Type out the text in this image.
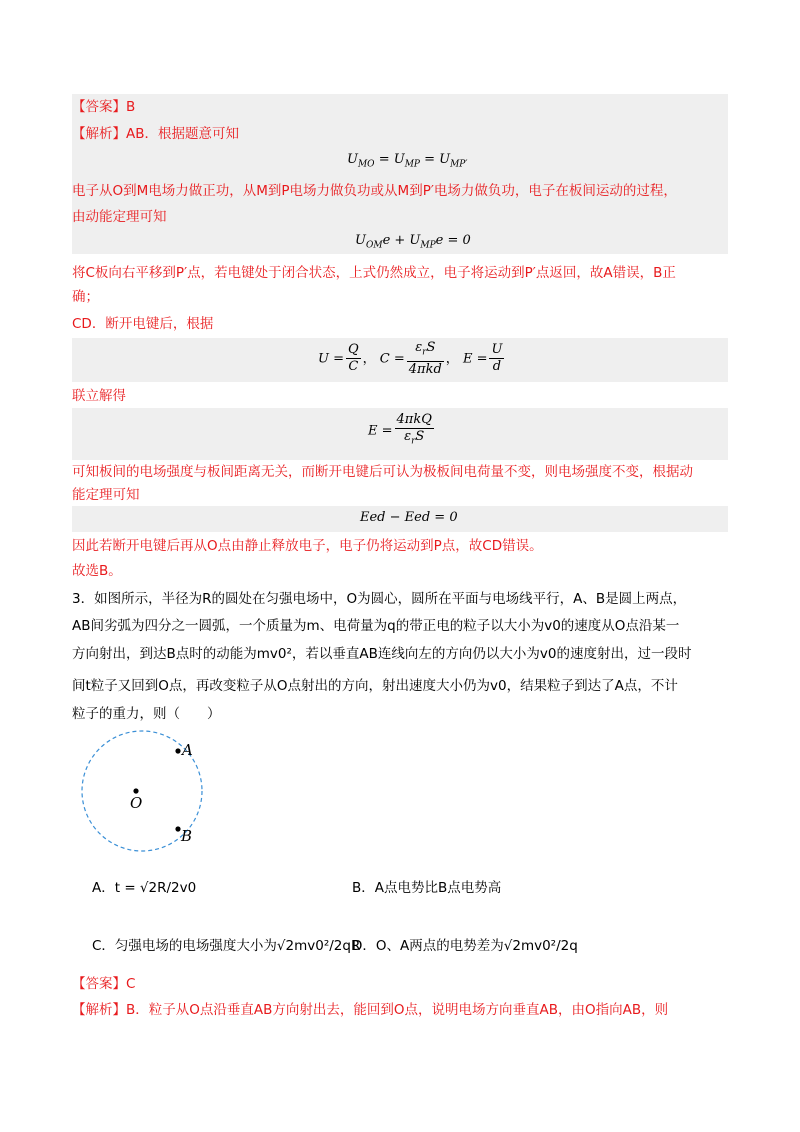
【答案】B
【解析】AB．根据题意可知
$U_{MO} = U_{MP} = U_{MP'}$
电子从O到M电场力做正功，从M到P电场力做负功或从M到P′电场力做负功，电子在板间运动的过程，
由动能定理可知
$U_{OM}e + U_{MP}e = 0$
将C板向右平移到P′点，若电键处于闭合状态，上式仍然成立，电子将运动到P′点返回，故A错误，B正
确；
CD．断开电键后，根据
$U = \frac{Q}{C}$ ， $C = \frac{\varepsilon_rS}{\text{4πkd}}$ ， $E = \frac{U}{d}$
联立解得
$E = \frac{\text{4πkQ}}{\varepsilon_rS}$
可知板间的电场强度与板间距离无关，而断开电键后可认为极板间电荷量不变，则电场强度不变，根据动
能定理可知
Eed − Eed = 0
因此若断开电键后再从O点由静止释放电子，电子仍将运动到P点，故CD错误。
故选B。
3．如图所示，半径为R的圆处在匀强电场中，O为圆心，圆所在平面与电场线平行，A、B是圆上两点，
AB间劣弧为四分之一圆弧，一个质量为m、电荷量为q的带正电的粒子以大小为v0的速度从O点沿某一
方向射出，到达B点时的动能为mv0²，若以垂直AB连线向左的方向仍以大小为v0的速度射出，过一段时
间t粒子又回到O点，再改变粒子从O点射出的方向，射出速度大小仍为v0，结果粒子到达了A点，不计
粒子的重力，则（　　）
A
O
B
A．t = √2R/2v0	B．A点电势比B点电势高
C．匀强电场的电场强度大小为√2mv0²/2qR
D．O、A两点的电势差为√2mv0²/2q
【答案】C
【解析】B．粒子从O点沿垂直AB方向射出去，能回到O点，说明电场方向垂直AB，由O指向AB，则
